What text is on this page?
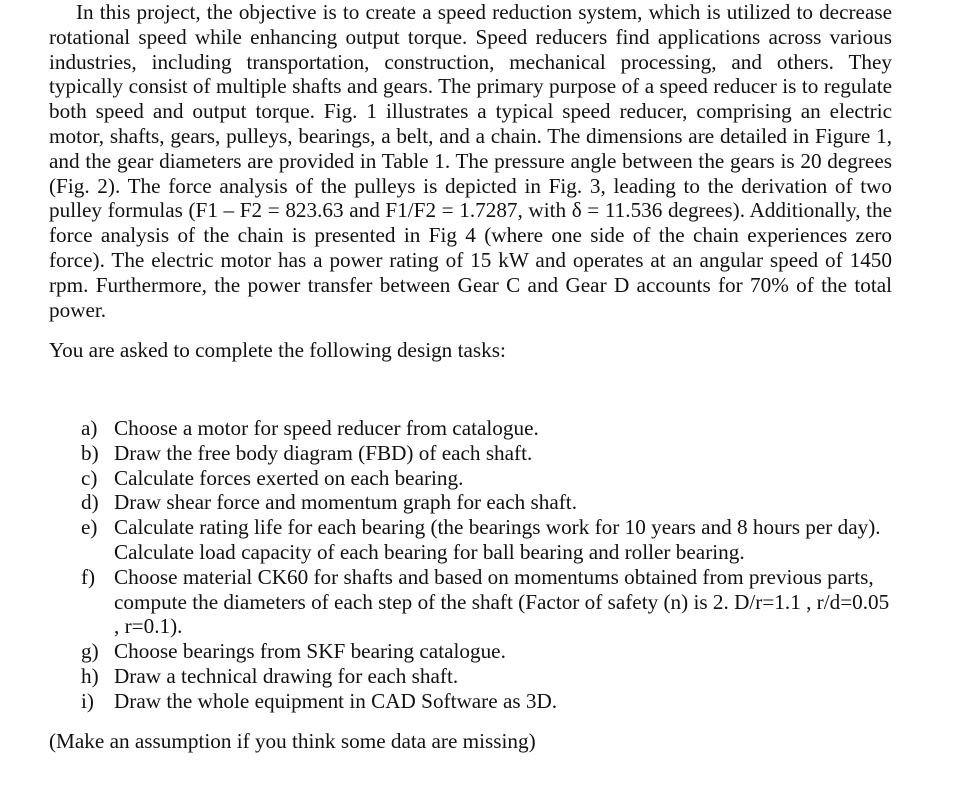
In this project, the objective is to create a speed reduction system, which is utilized to decrease rotational speed while enhancing output torque. Speed reducers find applications across various industries, including transportation, construction, mechanical processing, and others. They typically consist of multiple shafts and gears. The primary purpose of a speed reducer is to regulate both speed and output torque. Fig. 1 illustrates a typical speed reducer, comprising an electric motor, shafts, gears, pulleys, bearings, a belt, and a chain. The dimensions are detailed in Figure 1, and the gear diameters are provided in Table 1. The pressure angle between the gears is 20 degrees (Fig. 2). The force analysis of the pulleys is depicted in Fig. 3, leading to the derivation of two pulley formulas (F1 – F2 = 823.63 and F1/F2 = 1.7287, with δ = 11.536 degrees). Additionally, the force analysis of the chain is presented in Fig 4 (where one side of the chain experiences zero force). The electric motor has a power rating of 15 kW and operates at an angular speed of 1450 rpm. Furthermore, the power transfer between Gear C and Gear D accounts for 70% of the total power.

You are asked to complete the following design tasks:

a) Choose a motor for speed reducer from catalogue.
b) Draw the free body diagram (FBD) of each shaft.
c) Calculate forces exerted on each bearing.
d) Draw shear force and momentum graph for each shaft.
e) Calculate rating life for each bearing (the bearings work for 10 years and 8 hours per day). Calculate load capacity of each bearing for ball bearing and roller bearing.
f) Choose material CK60 for shafts and based on momentums obtained from previous parts, compute the diameters of each step of the shaft (Factor of safety (n) is 2. D/r=1.1 , r/d=0.05 , r=0.1).
g) Choose bearings from SKF bearing catalogue.
h) Draw a technical drawing for each shaft.
i) Draw the whole equipment in CAD Software as 3D.

(Make an assumption if you think some data are missing)
